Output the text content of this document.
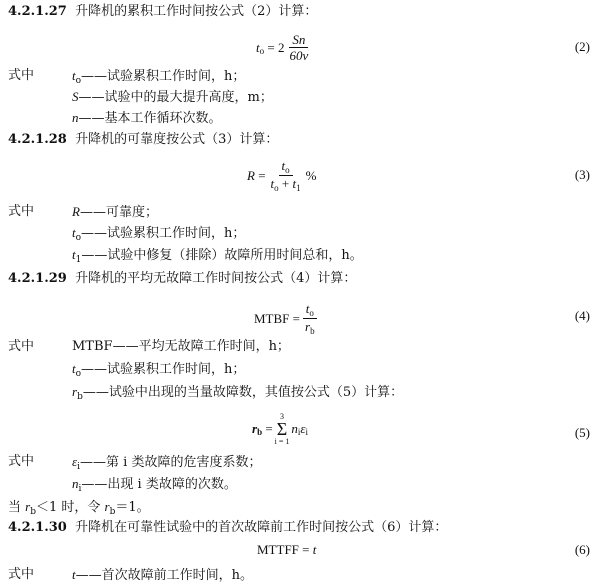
4.2.1.27 升降机的累积工作时间按公式（2）计算：
t o
= $2 \frac{Sn}{60v}$	(2)
式中	$t_o——$试验累积工作时间，h；
S——试验中的最大提升高度，m；
n——基本工作循环次数。
4.2.1.28 升降机的可靠度按公式（3）计算：
R
= $\frac{t_o}{t_o + t_1}$ %	(3)
式中	R——可靠度；
$t_o——$试验累积工作时间，h；
$t_1——$试验中修复（排除）故障所用时间总和，h。
4.2.1.29 升降机的平均无故障工作时间按公式（4）计算：
MTBF
= $\frac{t_o}{r_b}$	(4)
式中	MTBF——平均无故障工作时间，h；
$t_o——$试验累积工作时间，h；
$r_b——$试验中出现的当量故障数，其值按公式（5）计算：
r b
=
3
Σ
i = 1
n i ε i	(5)
式中	$\varepsilon_i——$第 i 类故障的危害度系数；
$n_i——$出现 i 类故障的次数。
当 $r_b<1$ 时，令 $r_b=1$。
4.2.1.30 升降机在可靠性试验中的首次故障前工作时间按公式（6）计算：
MTTFF
=
t	(6)
式中	t——首次故障前工作时间，h。
